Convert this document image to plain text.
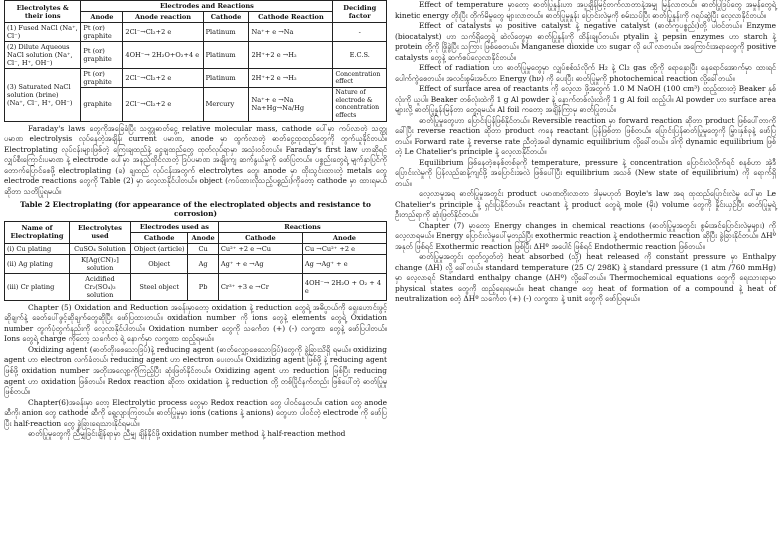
Electrolytes & their ions	Electrodes and Reactions				Deciding factor
	Anode	Anode reaction	Cathode	Cathode Reaction	
(1) Fused NaCl (Na⁺, Cl⁻)	Pt (or) graphite	2Cl⁻→Cl₂+2 e	Platinum	Na⁺+ e →Na	-
(2) Dilute Aqueous NaCl solution (Na⁺, Cl⁻, H⁺, OH⁻)	Pt (or) graphite	4OH⁻→ 2H₂O+O₂+4 e	Platinum	2H⁺+2 e →H₂	E.C.S.
(3) Saturated NaCl solution (brine) (Na⁺, Cl⁻, H⁺, OH⁻)	Pt (or) graphite	2Cl⁻→Cl₂+2 e	Platinum	2H⁺+2 e →H₂	Concentration effect
	graphite	2Cl⁻→Cl₂+2 e	Mercury	Na⁺+ e →Na Na+Hg→Na/Hg	Nature of electrode & concentration effects

Faraday's laws တွေကိုအခြေခံပြီး သတ္တုဓာတ်ငွေ့ relative molecular mass, cathode ပေါ်မှာ ကပ်လာတဲ့ သတ္တုပမာဏ electrolysis လုပ်နေတဲ့အချိန်၊ current ပမာဏ, anode မှာ ထွက်လာတဲ့ ဓာတ်ငွေ့ထုထည်တွေကို တွက်ယူနိုင်တယ်။ Electroplating လုပ်ငန်းများဖြစ်တဲ့ ကြေးချထည်နဲ့ ငွေချထည်တွေ ထုတ်လုပ်ရာမှာ အသုံးဝင်တယ်။ Faraday's first law ဟာဆိုရင် လျှပ်စီးကြောင်းပမာဏ နဲ့ electrode ပေါ်မှာ အနည်ထိုင်လာတဲ့ ဒြပ်ပမာဏ အချိုးကျ ဆက်နွယ်မှုကို ဖော်ပြတယ်။ ပစ္စည်းတွေရဲ့ မျက်နှာပြင်ကို တောက်ပြောင်စေဖို့ electroplating (ခ) ချထည် လုပ်ငန်းအတွက် electrolytes တွေ၊ anode မှာ ထိုးသွင်းထားတဲ့ metals တွေ electrode reactions တွေကို Table (2) မှာ လေ့လာနိုင်ပါတယ်။ object (ကပ်ထားလိုသည့်ပစ္စည်း)ကိုတော့ cathode မှာ ထားရမယ်ဆိုတာ သတိပြုရမယ်။

Table 2 Electroplating (for appearance of the electroplated objects and resistance to corrosion)
Name of Electroplating	Electrolytes used	Electrodes used as		Reactions	
		Cathode	Anode	Cathode	Anode
(i) Cu plating	CuSO₄ Solution	Object (article)	Cu	Cu²⁺ +2 e →Cu	Cu →Cu²⁺ +2 e
(ii) Ag plating	K[Ag(CN)₂] solution	Object	Ag	Ag⁺ + e →Ag	Ag →Ag⁺ + e
(iii) Cr plating	Acidified Cr₂(SO₄)₃ solution	Steel object	Pb	Cr³⁺ +3 e →Cr	4OH⁻→ 2H₂O + O₂ + 4 e

Chapter (5) Oxidation and Reduction အခန်းမှာတော့ oxidation နဲ့ reduction တွေရဲ့ အဓိပ္ပာယ်ကို ရှေးဟောင်းဖွင့်ဆိုချက်နဲ့ ခေတ်ပေါ်ဖွင့်ဆိုချက်တွေဆိုပြီး ဖော်ပြထားတယ်။ oxidation number ကို ions တွေနဲ့ elements တွေရဲ့ Oxidation number တွက်ပုံတွက်နည်းကို လေ့လာနိုင်ပါတယ်။ Oxidation number တွေကို သင်္ကေတ (+) (-) လက္ခဏာ တွေနဲ့ ဖော်ပြပါတယ်။ Ions တွေရဲ့ charge ကိုတော့ သင်္ကေတ ရဲ့ နောက်မှာ လက္ခဏာ ထည့်ရမယ်။

Oxidizing agent (ဓာတ်တိုးစေသောဒြပ်)နဲ့ reducing agent (ဓာတ်လျှော့စေသောဒြပ်)တွေကို ခွဲခြားသိရှိ ရမယ်။ oxidizing agent ဟာ electron လက်ခံတယ်၊ reducing agent ဟာ electron ပေးတယ်။ Oxidizing agent ဖြစ်ဖို့ နဲ့ reducing agent ဖြစ်ဖို့ oxidation number အတိုးအလျော့ကိုကြည့်ပြီး ဆုံးဖြတ်နိုင်တယ်။ Oxidizing agent ဟာ reduction ဖြစ်ပြီး reducing agent ဟာ oxidation ဖြစ်တယ်။ Redox reaction ဆိုတာ oxidation နဲ့ reduction တို့ တစ်ပြိုင်နက်တည်း ဖြစ်ပေါ်တဲ့ ဓာတ်ပြုမှုဖြစ်တယ်။

Chapter(6)အခန်းမှာ တော့ Electrolytic process တွေမှာ Redox reaction တွေ ပါဝင်နေတယ်။ cation တွေ anode ဆီကို၊ anion တွေ cathode ဆီကို ရွေ့လျားကြတယ်။ ဓာတ်ပြုမှုမှာ ions (cations နဲ့ anions) တွေဟာ ပါဝင်တဲ့ electrode ကို ဖော်ပြပြီး half-reaction တွေ ခွဲခြားရေးသားနိုင်ရမယ်။

ဓာတ်ပြုမှုတွေကို ညီမျှခြင်းချိန်ရာမှာ ညီမျှ ချိန်နိုင်ဖို့ oxidation number method နဲ့ half-reaction method

Effect of temperature မှာတော့ ဓာတ်ပြုနှုန်းဟာ အပူချိန်မြင့်တက်လာတာနဲ့အမျှ မြန်လာတယ်။ ဓာတ်ပြုဒြပ်တွေ အမှုန်တွေရဲ့ kinetic energy တိုးပြီး တိုက်မိမှုတွေ များလာတယ်။ ဓာတ်ပြုမှုနှုန်း ပြောင်းလဲမှုကို စမ်းသပ်ပြီး ဓာတ်ပြုနှုန်းကို ဂရပ်ဆွဲပြီး လေ့လာနိုင်တယ်။

Effect of catalysts မှာ positive catalyst နဲ့ negative catalyst (ဓာတ်ကူပစ္စည်း)တို့ ပါဝင်တယ်။ Enzyme (biocatalyst) ဟာ သက်ရှိတွေရဲ့ ဆဲလ်တွေမှာ ဓာတ်ပြုနှုန်းကို ထိန်းချုပ်တယ်။ ptyalin နဲ့ pepsin enzymes ဟာ starch နဲ့ protein တို့ကို ဖြိုခွဲပြီး သကြား ဖြစ်စေတယ်။ Manganese dioxide ဟာ sugar လို ပေါ်လာတယ်။ အကြောင်းအရာတွေကို positive catalysts တွေနဲ့ ဆက်စပ်လေ့လာနိုင်တယ်။

Effect of radiation ဟာ ဓာတ်ပြုမှုတွေမှာ လျှပ်စစ်သံလိုက် H₂ နဲ့ Cl₂ gas တို့ကို ရောနှောပြီး နေရောင်အောက်မှာ ထားရင် ပေါက်ကွဲစေတယ်။ အလင်းစွမ်းအင်ဟာ Energy (hν) ကို ပေးပြီး ဓာတ်ပြုမှုကို photochemical reaction လို့ခေါ်တယ်။

Effect of surface area of reactants ကို လေ့လာ ဖို့အတွက် 1.0 M NaOH (100 cm³) ထည့်ထားတဲ့ Beaker နှစ်လုံးကို ယူပါ။ Beaker တစ်လုံးထဲကို 1 g Al powder နဲ့ နောက်တစ်လုံးထဲကို 1 g Al foil ထည့်ပါ။ Al powder ဟာ surface area များလို့ ဓာတ်ပြုနှုန်းမြန်တာ တွေ့ရမယ်။ Al foil ကတော့ အချိန်ကြာမှ ဓာတ်ပြုတယ်။

ဓာတ်ပြုမှုတွေဟာ ပြောင်းပြန်ဖြစ်နိုင်တယ်။ Reversible reaction မှာ forward reaction ဆိုတာ product ဖြစ်ပေါ်တာကိုခေါ်ပြီး reverse reaction ဆိုတာ product ကနေ reactant ပြန်ဖြစ်တာ ဖြစ်တယ်။ ပြောင်းပြန်ဓာတ်ပြုမှုတွေကို မြှားနှစ်ခုနဲ့ ဖော်ပြတယ်။ Forward rate နဲ့ reverse rate ညီတဲ့အခါ dynamic equilibrium လို့ခေါ်တယ်။ ဒါကို dynamic equilibrium ဖြစ်တဲ့ Le Chatelier's principle နဲ့ လေ့လာနိုင်တယ်။

Equilibrium ဖြစ်နေတဲ့စနစ်တစ်ခုကို temperature, pressure နဲ့ concentration ပြောင်းလဲလိုက်ရင် စနစ်ဟာ အဲ့ဒီပြောင်းလဲမှုကို ပြန်လည်ဆန့်ကျင်ဖို့ အပြောင်းအလဲ ဖြစ်ပေါ်ပြီး equilibrium အသစ် (New state of equilibrium) ကို ရောက်ရှိတယ်။

လေ့လာမှုအရ ဓာတ်ပြုမှုအတွင်း product ပမာဏတိုးလာတာ ဒါမှမဟုတ် Boyle's law အရ ထုထည်ပြောင်းလဲမှု ပေါ်မှာ Le Chatelier's principle နဲ့ ရှင်းပြနိုင်တယ်။ reactant နဲ့ product တွေရဲ့ mole (မိုး) volume တွေကို နှိုင်းယှဉ်ပြီး ဓာတ်ပြုမှုရဲ့ ဦးတည်ရာကို ဆုံးဖြတ်နိုင်တယ်။

Chapter (7) မှာတော့ Energy changes in chemical reactions (ဓာတ်ပြုမှုအတွင်း စွမ်းအင်ပြောင်းလဲမှုများ) ကိုလေ့လာရမယ်။ Energy ပြောင်းလဲမှုပေါ်မူတည်ပြီး exothermic reaction နဲ့ endothermic reaction ဆိုပြီး ခွဲခြားနိုင်တယ်။ ΔHº အနုတ် ဖြစ်ရင် Exothermic reaction ဖြစ်ပြီး ΔHº အပေါင် ဖြစ်ရင် Endothermic reaction ဖြစ်တယ်။

ဓာတ်ပြုမှုအတွင်း ထုတ်လွှတ်တဲ့ heat absorbed (သို့) heat released ကို constant pressure မှာ Enthalpy change (ΔH) လို့ ခေါ်တယ်။ standard temperature (25 C/ 298K) နဲ့ standard pressure (1 atm /760 mmHg) မှာ လေ့လာရင် Standard enthalpy change (ΔHº) လို့ခေါ်တယ်။ Thermochemical equations တွေကို ရေးသားရာမှာ physical states တွေကို ထည့်ရေးရမယ်။ heat change တွေ heat of formation of a compound နဲ့ heat of neutralization စတဲ့ ΔHº သင်္ကေတ (+) (-) လက္ခဏာ နဲ့ unit တွေကို ဖော်ပြရမယ်။
